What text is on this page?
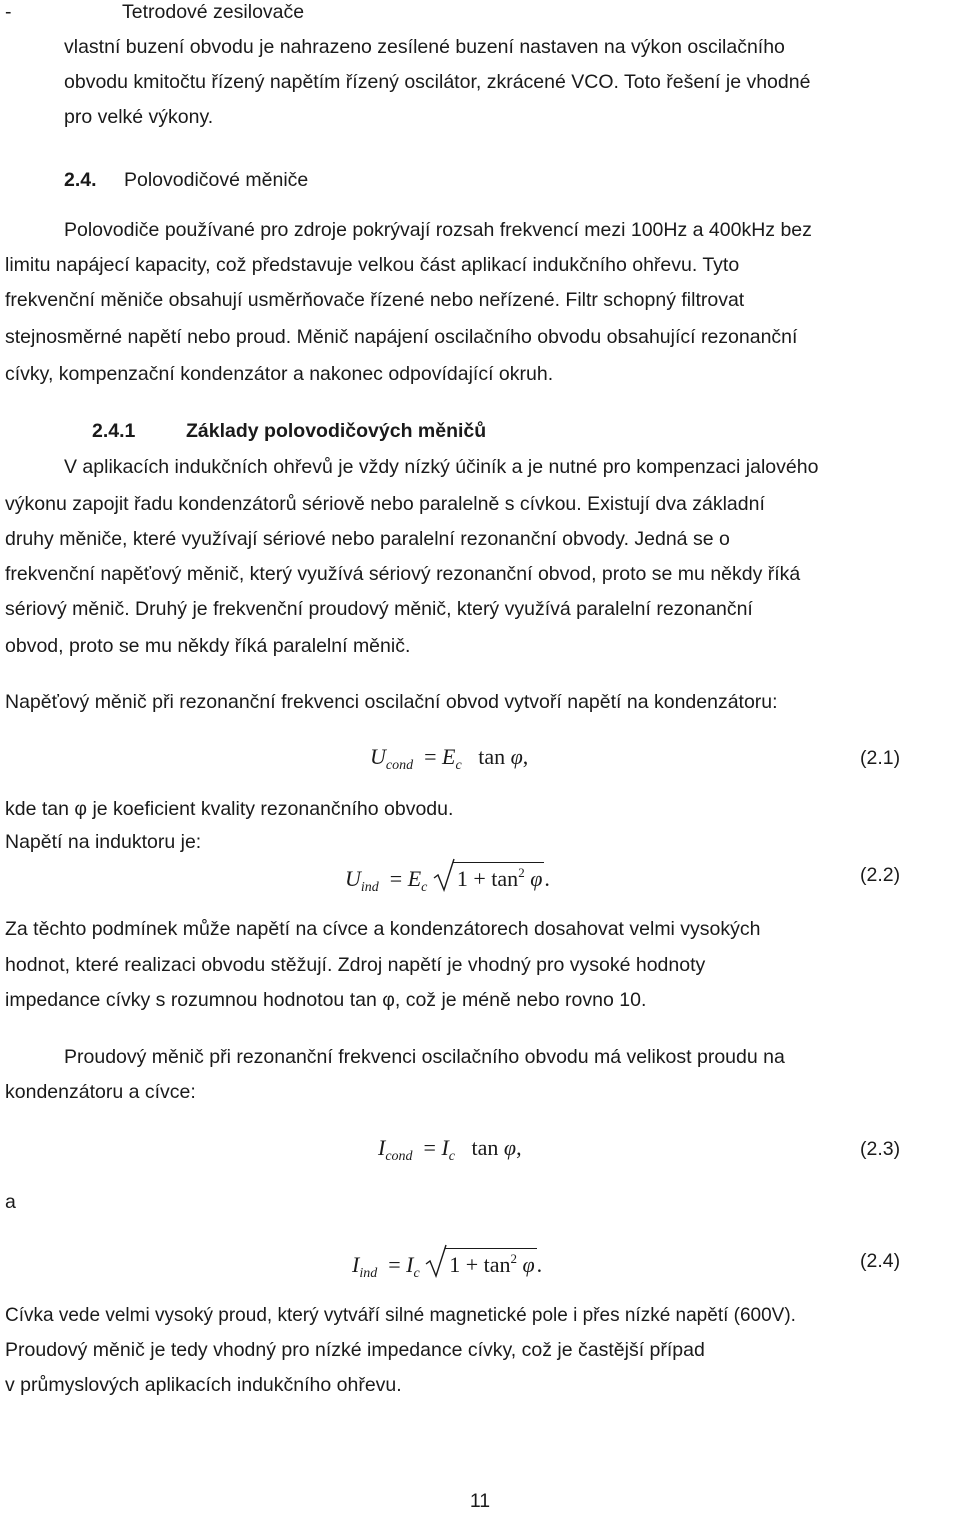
-	Tetrodové zesilovače
vlastní buzení obvodu je nahrazeno zesílené buzení nastaven na výkon oscilačního
obvodu kmitočtu řízený napětím řízený oscilátor, zkrácené VCO. Toto řešení je vhodné
pro velké výkony.
2.4. Polovodičové měniče
Polovodiče používané pro zdroje pokrývají rozsah frekvencí mezi 100Hz a 400kHz bez
limitu napájecí kapacity, což představuje velkou část aplikací indukčního ohřevu. Tyto
frekvenční měniče obsahují usměrňovače řízené nebo neřízené. Filtr schopný filtrovat
stejnosměrné napětí nebo proud. Měnič napájení oscilačního obvodu obsahující rezonanční
cívky, kompenzační kondenzátor a nakonec odpovídající okruh.
2.4.1	Základy polovodičových měničů
V aplikacích indukčních ohřevů je vždy nízký účiník a je nutné pro kompenzaci jalového
výkonu zapojit řadu kondenzátorů sériově nebo paralelně s cívkou. Existují dva základní
druhy měniče, které využívají sériové nebo paralelní rezonanční obvody. Jedná se o
frekvenční napěťový měnič, který využívá sériový rezonanční obvod, proto se mu někdy říká
sériový měnič. Druhý je frekvenční proudový měnič, který využívá paralelní rezonanční
obvod, proto se mu někdy říká paralelní měnič.
Napěťový měnič při rezonanční frekvenci oscilační obvod vytvoří napětí na kondenzátoru:
$U_{cond} = E_c$ tan φ,	(2.1)
kde tan φ je koeficient kvality rezonančního obvodu.
Napětí na induktoru je:
$U_{ind} = E_c$ $1 + \tan^2 \varphi$.	(2.2)
Za těchto podmínek může napětí na cívce a kondenzátorech dosahovat velmi vysokých
hodnot, které realizaci obvodu stěžují. Zdroj napětí je vhodný pro vysoké hodnoty
impedance cívky s rozumnou hodnotou tan φ, což je méně nebo rovno 10.
Proudový měnič při rezonanční frekvenci oscilačního obvodu má velikost proudu na
kondenzátoru a cívce:
$I_{cond} = I_c$ tan φ,	(2.3)
a
$I_{ind} = I_c$ $1 + \tan^2 \varphi$.	(2.4)
Cívka vede velmi vysoký proud, který vytváří silné magnetické pole i přes nízké napětí (600V).
Proudový měnič je tedy vhodný pro nízké impedance cívky, což je častější případ
v průmyslových aplikacích indukčního ohřevu.
11
